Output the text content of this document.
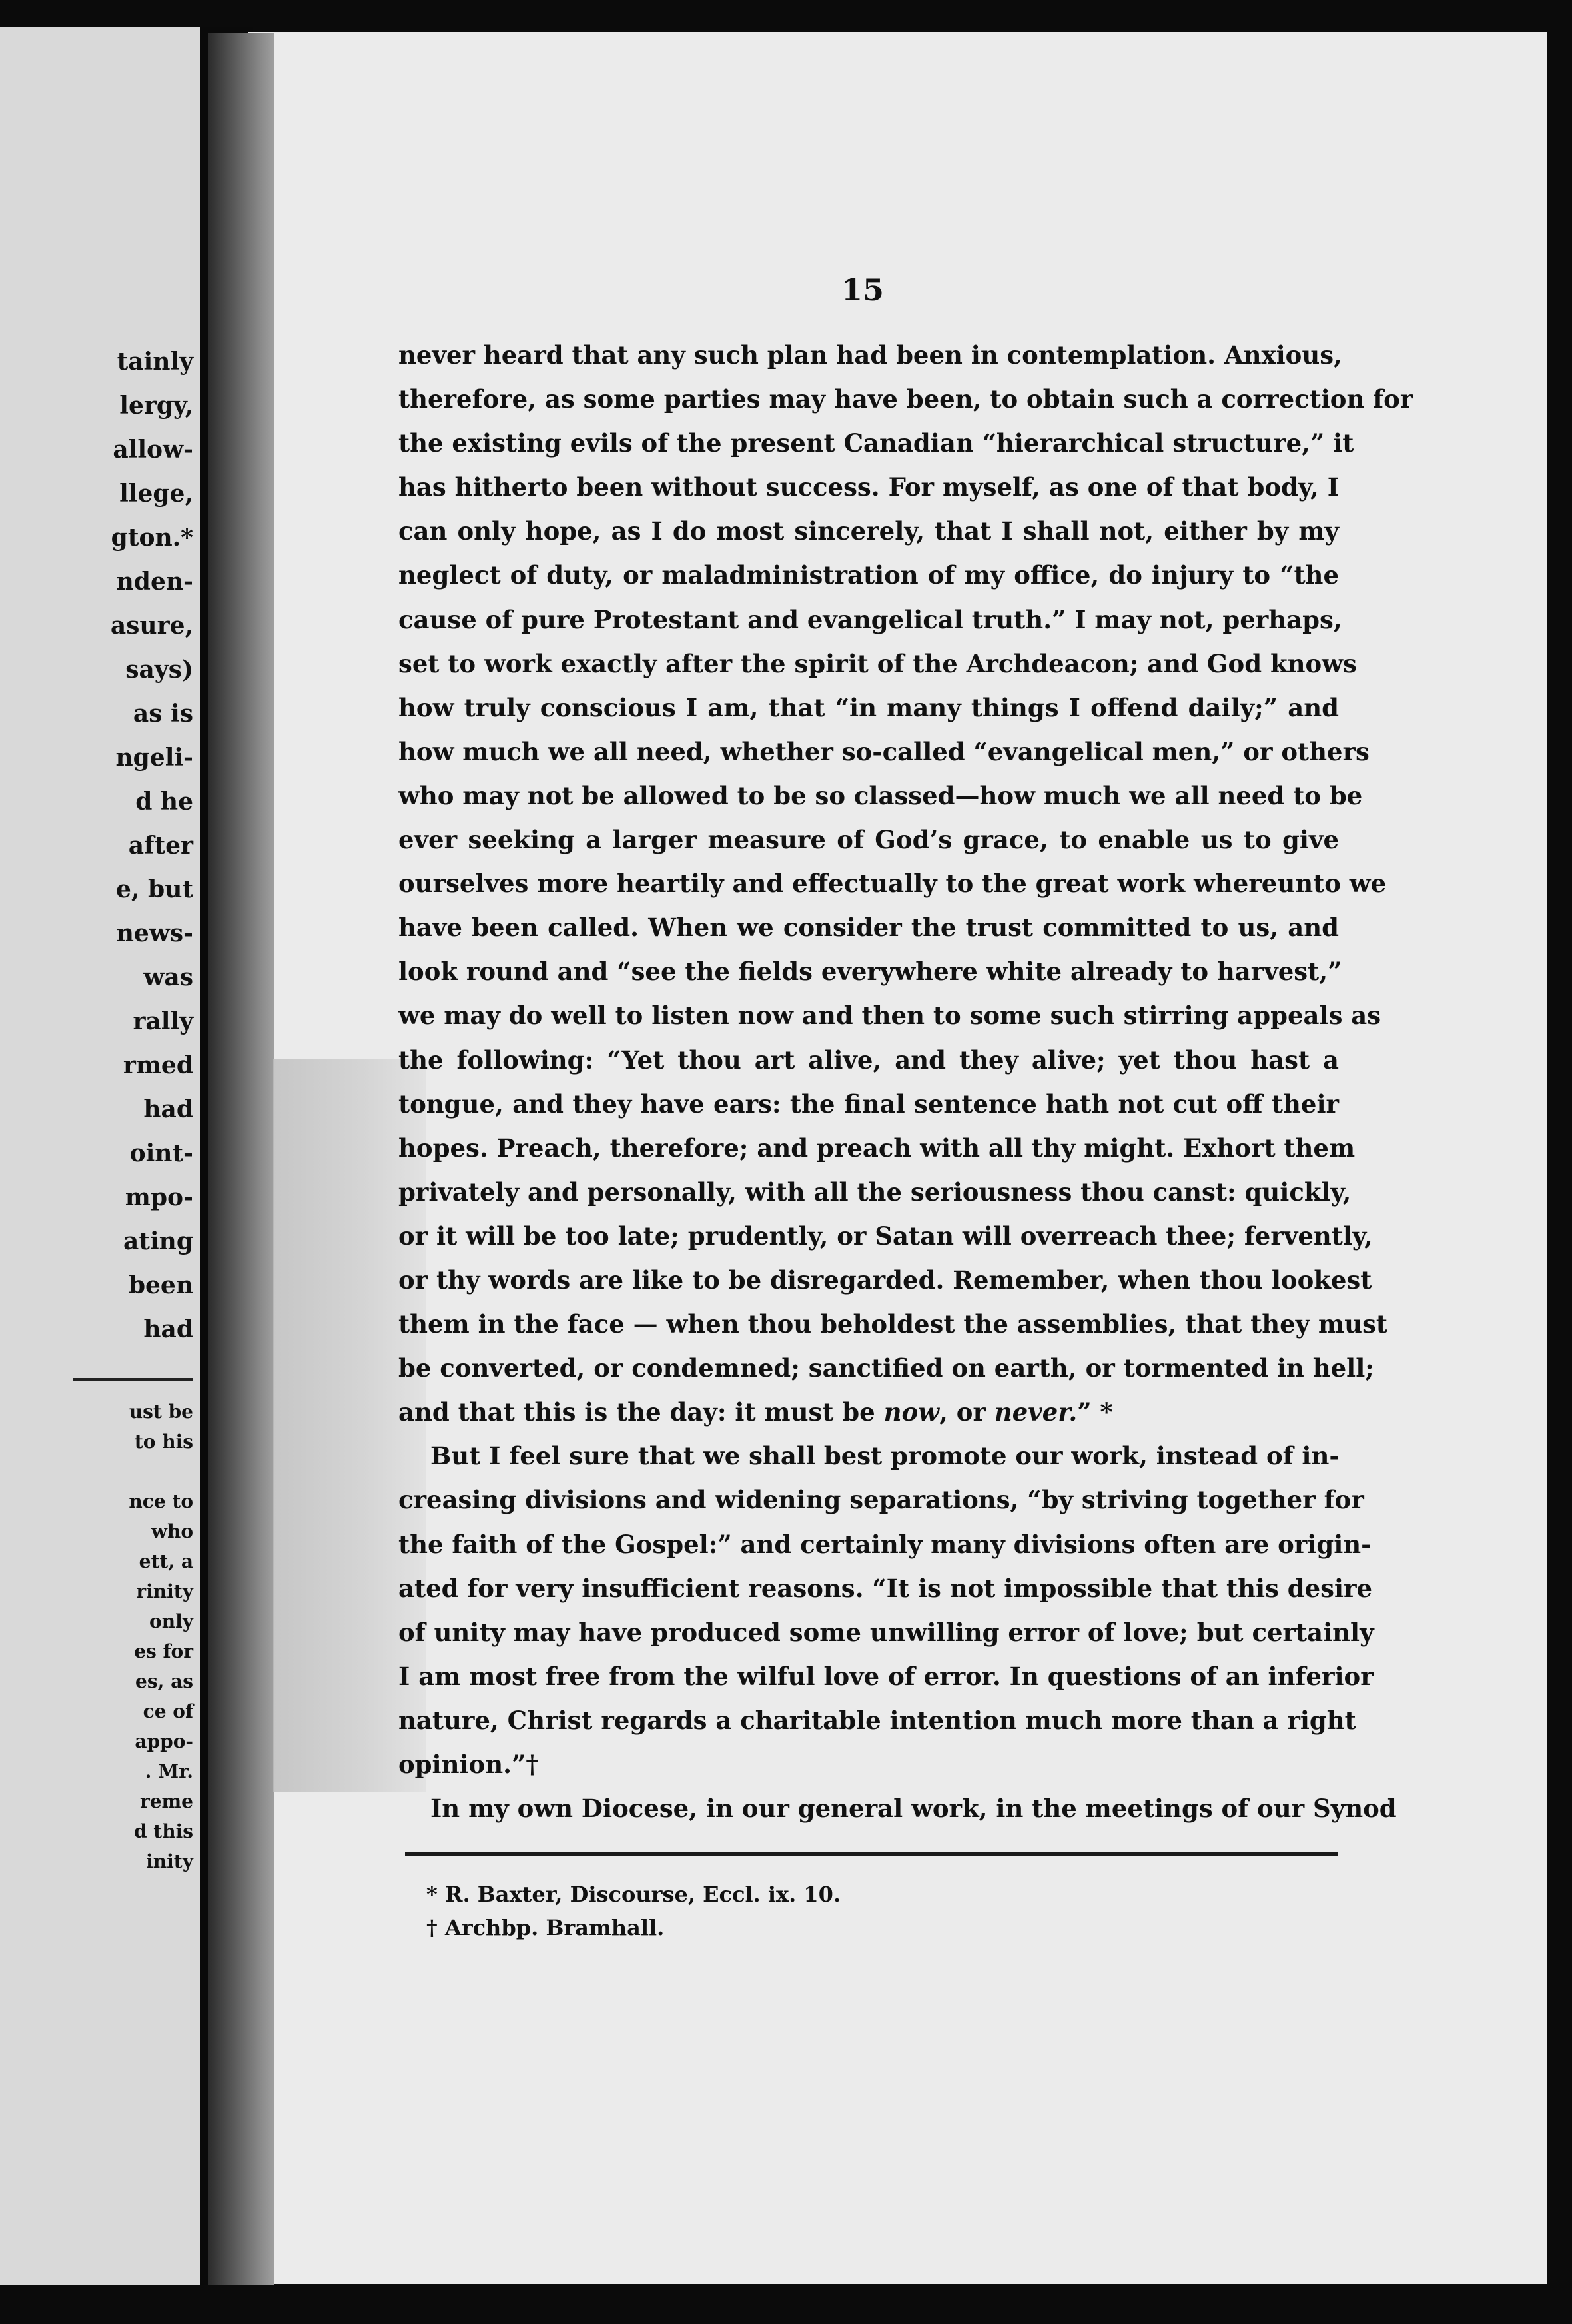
tainly
lergy,
allow-
llege,
gton.*
nden-
asure,
says)
as is
ngeli-
d he
after
e, but
news-
was
rally
rmed
had
oint-
mpo-
ating
been
had
ust be
to his
nce to
who
ett, a
rinity
only
es for
es, as
ce of
appo-
. Mr.
reme
d this
inity
15
never heard that any such plan had been in contemplation. Anxious,
therefore, as some parties may have been, to obtain such a correction for
the existing evils of the present Canadian “hierarchical structure,” it
has hitherto been without success. For myself, as one of that body, I
can only hope, as I do most sincerely, that I shall not, either by my
neglect of duty, or maladministration of my office, do injury to “the
cause of pure Protestant and evangelical truth.” I may not, perhaps,
set to work exactly after the spirit of the Archdeacon; and God knows
how truly conscious I am, that “in many things I offend daily;” and
how much we all need, whether so-called “evangelical men,” or others
who may not be allowed to be so classed—how much we all need to be
ever seeking a larger measure of God’s grace, to enable us to give
ourselves more heartily and effectually to the great work whereunto we
have been called. When we consider the trust committed to us, and
look round and “see the fields everywhere white already to harvest,”
we may do well to listen now and then to some such stirring appeals as
the following: “Yet thou art alive, and they alive; yet thou hast a
tongue, and they have ears: the final sentence hath not cut off their
hopes. Preach, therefore; and preach with all thy might. Exhort them
privately and personally, with all the seriousness thou canst: quickly,
or it will be too late; prudently, or Satan will overreach thee; fervently,
or thy words are like to be disregarded. Remember, when thou lookest
them in the face — when thou beholdest the assemblies, that they must
be converted, or condemned; sanctified on earth, or tormented in hell;
and that this is the day: it must be now, or never.” *
But I feel sure that we shall best promote our work, instead of in-
creasing divisions and widening separations, “by striving together for
the faith of the Gospel:” and certainly many divisions often are origin-
ated for very insufficient reasons. “It is not impossible that this desire
of unity may have produced some unwilling error of love; but certainly
I am most free from the wilful love of error. In questions of an inferior
nature, Christ regards a charitable intention much more than a right
opinion.”†
In my own Diocese, in our general work, in the meetings of our Synod
* R. Baxter, Discourse, Eccl. ix. 10.
† Archbp. Bramhall.
